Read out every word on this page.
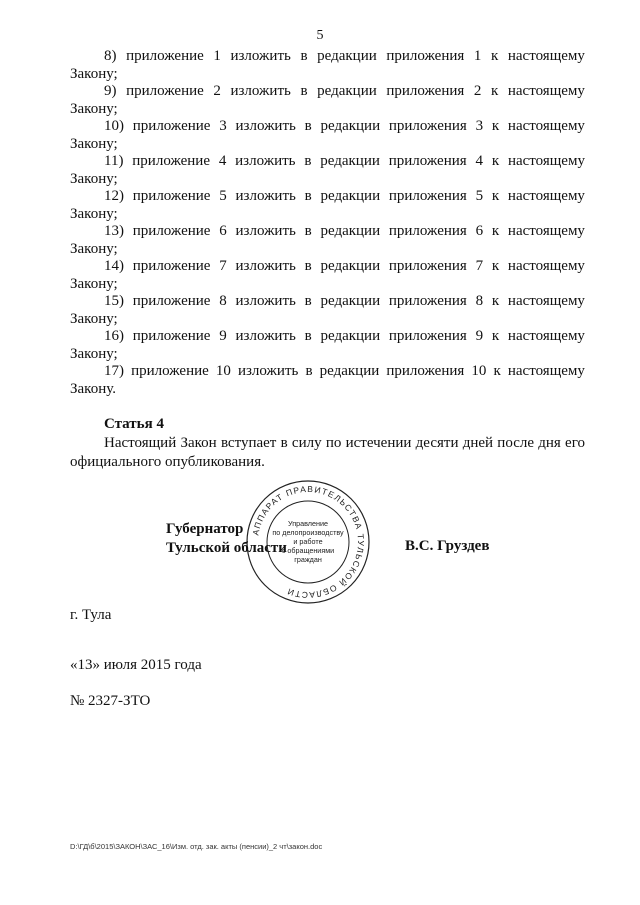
5
8) приложение 1 изложить в редакции приложения 1 к настоящему
Закону;
9) приложение 2 изложить в редакции приложения 2 к настоящему
Закону;
10) приложение 3 изложить в редакции приложения 3 к настоящему
Закону;
11) приложение 4 изложить в редакции приложения 4 к настоящему
Закону;
12) приложение 5 изложить в редакции приложения 5 к настоящему
Закону;
13) приложение 6 изложить в редакции приложения 6 к настоящему
Закону;
14) приложение 7 изложить в редакции приложения 7 к настоящему
Закону;
15) приложение 8 изложить в редакции приложения 8 к настоящему
Закону;
16) приложение 9 изложить в редакции приложения 9 к настоящему
Закону;
17) приложение 10 изложить в редакции приложения 10 к настоящему
Закону.
Статья 4
Настоящий Закон вступает в силу по истечении десяти дней после дня его официального опубликования.
АППАРАТ ПРАВИТЕЛЬСТВА ТУЛЬСКОЙ ОБЛАСТИ
Управление
по делопроизводству
и работе
с обращениями
граждан
Губернатор
Тульской области	В.С. Груздев
г. Тула
«13» июля 2015 года
№ 2327-ЗТО
D:\ГД\б\2015\ЗАКОН\ЗАС_16\Изм. отд. зак. акты (пенсии)_2 чт\закон.doc
